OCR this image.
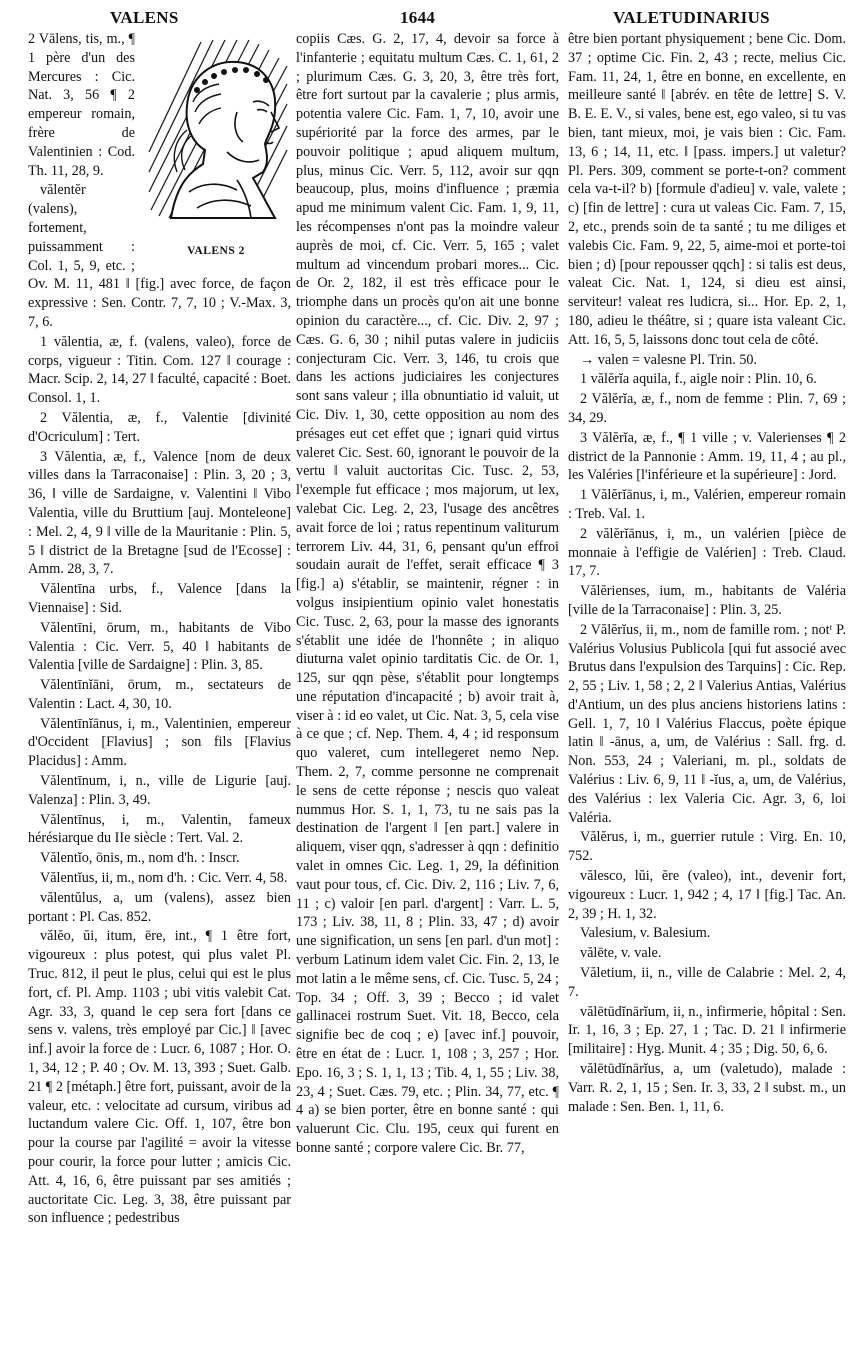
VALENS	1644	VALETUDINARIUS
VALENS 2

2 Vālens, tis, m., ¶ 1 père d'un des Mercures : Cic. Nat. 3, 56 ¶ 2 empereur romain, frère de Valentinien : Cod. Th. 11, 28, 9.

vălentĕr (valens), fortement, puissamment : Col. 1, 5, 9, etc. ; Ov. M. 11, 481 ‖ [fig.] avec force, de façon expressive : Sen. Contr. 7, 7, 10 ; V.-Max. 3, 7, 6.

1 vălentia, æ, f. (valens, valeo), force de corps, vigueur : Titin. Com. 127 ‖ courage : Macr. Scip. 2, 14, 27 ‖ faculté, capacité : Boet. Consol. 1, 1.

2 Vălentia, æ, f., Valentie [divinité d'Ocriculum] : Tert.

3 Vălentia, æ, f., Valence [nom de deux villes dans la Tarraconaise] : Plin. 3, 20 ; 3, 36, ‖ ville de Sardaigne, v. Valentini ‖ Vibo Valentia, ville du Bruttium [auj. Monteleone] : Mel. 2, 4, 9 ‖ ville de la Mauritanie : Plin. 5, 5 ‖ district de la Bretagne [sud de l'Ecosse] : Amm. 28, 3, 7.

Vălentīna urbs, f., Valence [dans la Viennaise] : Sid.

Vălentīni, ōrum, m., habitants de Vibo Valentia : Cic. Verr. 5, 40 ‖ habitants de Valentia [ville de Sardaigne] : Plin. 3, 85.

Vălentīnĭāni, ōrum, m., sectateurs de Valentin : Lact. 4, 30, 10.

Vălentīnĭānus, i, m., Valentinien, empereur d'Occident [Flavius] ; son fils [Flavius Placidus] : Amm.

Vălentīnum, i, n., ville de Ligurie [auj. Valenza] : Plin. 3, 49.

Vălentīnus, i, m., Valentin, fameux hérésiarque du IIe siècle : Tert. Val. 2.

Vălentĭo, ōnis, m., nom d'h. : Inscr.

Vălentĭus, ii, m., nom d'h. : Cic. Verr. 4, 58.

vălentŭlus, a, um (valens), assez bien portant : Pl. Cas. 852.

vălĕo, ŭi, itum, ēre, int., ¶ 1 être fort, vigoureux : plus potest, qui plus valet Pl. Truc. 812, il peut le plus, celui qui est le plus fort, cf. Pl. Amp. 1103 ; ubi vitis valebit Cat. Agr. 33, 3, quand le cep sera fort [dans ce sens v. valens, très employé par Cic.] ‖ [avec inf.] avoir la force de : Lucr. 6, 1087 ; Hor. O. 1, 34, 12 ; P. 40 ; Ov. M. 13, 393 ; Suet. Galb. 21 ¶ 2 [métaph.] être fort, puissant, avoir de la valeur, etc. : velocitate ad cursum, viribus ad luctandum valere Cic. Off. 1, 107, être bon pour la course par l'agilité = avoir la vitesse pour courir, la force pour lutter ; amicis Cic. Att. 4, 16, 6, être puissant par ses amitiés ; auctoritate Cic. Leg. 3, 38, être puissant par son influence ; pedestribus

copiis Cæs. G. 2, 17, 4, devoir sa force à l'infanterie ; equitatu multum Cæs. C. 1, 61, 2 ; plurimum Cæs. G. 3, 20, 3, être très fort, être fort surtout par la cavalerie ; plus armis, potentia valere Cic. Fam. 1, 7, 10, avoir une supériorité par la force des armes, par le pouvoir politique ; apud aliquem multum, plus, minus Cic. Verr. 5, 112, avoir sur qqn beaucoup, plus, moins d'influence ; præmia apud me minimum valent Cic. Fam. 1, 9, 11, les récompenses n'ont pas la moindre valeur auprès de moi, cf. Cic. Verr. 5, 165 ; valet multum ad vincendum probari mores... Cic. de Or. 2, 182, il est très efficace pour le triomphe dans un procès qu'on ait une bonne opinion du caractère..., cf. Cic. Div. 2, 97 ; Cæs. G. 6, 30 ; nihil putas valere in judiciis conjecturam Cic. Verr. 3, 146, tu crois que dans les actions judiciaires les conjectures sont sans valeur ; illa obnuntiatio id valuit, ut Cic. Div. 1, 30, cette opposition au nom des présages eut cet effet que ; ignari quid virtus valeret Cic. Sest. 60, ignorant le pouvoir de la vertu ‖ valuit auctoritas Cic. Tusc. 2, 53, l'exemple fut efficace ; mos majorum, ut lex, valebat Cic. Leg. 2, 23, l'usage des ancêtres avait force de loi ; ratus repentinum valiturum terrorem Liv. 44, 31, 6, pensant qu'un effroi soudain aurait de l'effet, serait efficace ¶ 3 [fig.] a) s'établir, se maintenir, régner : in volgus insipientium opinio valet honestatis Cic. Tusc. 2, 63, pour la masse des ignorants s'établit une idée de l'honnête ; in aliquo diuturna valet opinio tarditatis Cic. de Or. 1, 125, sur qqn pèse, s'établit pour longtemps une réputation d'incapacité ; b) avoir trait à, viser à : id eo valet, ut Cic. Nat. 3, 5, cela vise à ce que ; cf. Nep. Them. 4, 4 ; id responsum quo valeret, cum intellegeret nemo Nep. Them. 2, 7, comme personne ne comprenait le sens de cette réponse ; nescis quo valeat nummus Hor. S. 1, 1, 73, tu ne sais pas la destination de l'argent ‖ [en part.] valere in aliquem, viser qqn, s'adresser à qqn : definitio valet in omnes Cic. Leg. 1, 29, la définition vaut pour tous, cf. Cic. Div. 2, 116 ; Liv. 7, 6, 11 ; c) valoir [en parl. d'argent] : Varr. L. 5, 173 ; Liv. 38, 11, 8 ; Plin. 33, 47 ; d) avoir une signification, un sens [en parl. d'un mot] : verbum Latinum idem valet Cic. Fin. 2, 13, le mot latin a le même sens, cf. Cic. Tusc. 5, 24 ; Top. 34 ; Off. 3, 39 ; Becco ; id valet gallinacei rostrum Suet. Vit. 18, Becco, cela signifie bec de coq ; e) [avec inf.] pouvoir, être en état de : Lucr. 1, 108 ; 3, 257 ; Hor. Epo. 16, 3 ; S. 1, 1, 13 ; Tib. 4, 1, 55 ; Liv. 38, 23, 4 ; Suet. Cæs. 79, etc. ; Plin. 34, 77, etc. ¶ 4 a) se bien porter, être en bonne santé : qui valuerunt Cic. Clu. 195, ceux qui furent en bonne santé ; corpore valere Cic. Br. 77,

être bien portant physiquement ; bene Cic. Dom. 37 ; optime Cic. Fin. 2, 43 ; recte, melius Cic. Fam. 11, 24, 1, être en bonne, en excellente, en meilleure santé ‖ [abrév. en tête de lettre] S. V. B. E. E. V., si vales, bene est, ego valeo, si tu vas bien, tant mieux, moi, je vais bien : Cic. Fam. 13, 6 ; 14, 11, etc. ‖ [pass. impers.] ut valetur? Pl. Pers. 309, comment se porte-t-on? comment cela va-t-il? b) [formule d'adieu] v. vale, valete ; c) [fin de lettre] : cura ut valeas Cic. Fam. 7, 15, 2, etc., prends soin de ta santé ; tu me diliges et valebis Cic. Fam. 9, 22, 5, aime-moi et porte-toi bien ; d) [pour repousser qqch] : si talis est deus, valeat Cic. Nat. 1, 124, si dieu est ainsi, serviteur! valeat res ludicra, si... Hor. Ep. 2, 1, 180, adieu le théâtre, si ; quare ista valeant Cic. Att. 16, 5, 5, laissons donc tout cela de côté.

→ valen = valesne Pl. Trin. 50.

1 vălĕrĭa aquila, f., aigle noir : Plin. 10, 6.

2 Vălĕrĭa, æ, f., nom de femme : Plin. 7, 69 ; 34, 29.

3 Vălĕrĭa, æ, f., ¶ 1 ville ; v. Valerienses ¶ 2 district de la Pannonie : Amm. 19, 11, 4 ; au pl., les Valéries [l'inférieure et la supérieure] : Jord.

1 Vălĕrĭānus, i, m., Valérien, empereur romain : Treb. Val. 1.

2 vălĕrĭānus, i, m., un valérien [pièce de monnaie à l'effigie de Valérien] : Treb. Claud. 17, 7.

Vălĕrienses, ium, m., habitants de Valéria [ville de la Tarraconaise] : Plin. 3, 25.

2 Vălĕrĭus, ii, m., nom de famille rom. ; notᵗ P. Valérius Volusius Publicola [qui fut associé avec Brutus dans l'expulsion des Tarquins] : Cic. Rep. 2, 55 ; Liv. 1, 58 ; 2, 2 ‖ Valerius Antias, Valérius d'Antium, un des plus anciens historiens latins : Gell. 1, 7, 10 ‖ Valérius Flaccus, poète épique latin ‖ -ānus, a, um, de Valérius : Sall. frg. d. Non. 553, 24 ; Valeriani, m. pl., soldats de Valérius : Liv. 6, 9, 11 ‖ -ĭus, a, um, de Valérius, des Valérius : lex Valeria Cic. Agr. 3, 6, loi Valéria.

Vălĕrus, i, m., guerrier rutule : Virg. En. 10, 752.

vălesco, lŭi, ĕre (valeo), int., devenir fort, vigoureux : Lucr. 1, 942 ; 4, 17 ‖ [fig.] Tac. An. 2, 39 ; H. 1, 32.

Valesium, v. Balesium.

vălēte, v. vale.

Văletium, ii, n., ville de Calabrie : Mel. 2, 4, 7.

vălētūdĭnārĭum, ii, n., infirmerie, hôpital : Sen. Ir. 1, 16, 3 ; Ep. 27, 1 ; Tac. D. 21 ‖ infirmerie [militaire] : Hyg. Munit. 4 ; 35 ; Dig. 50, 6, 6.

vălētūdĭnārĭus, a, um (valetudo), malade : Varr. R. 2, 1, 15 ; Sen. Ir. 3, 33, 2 ‖ subst. m., un malade : Sen. Ben. 1, 11, 6.
